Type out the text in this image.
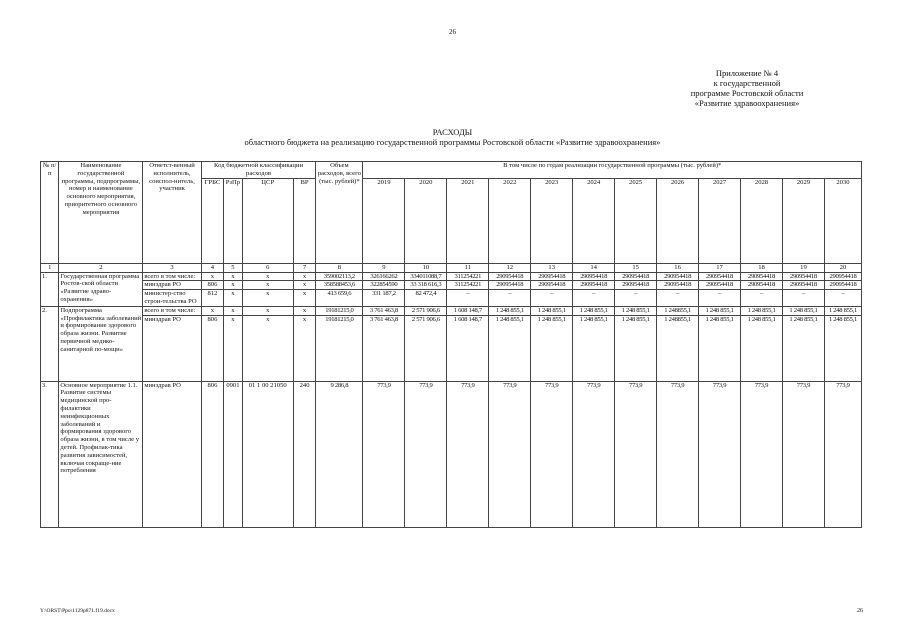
26
Приложение № 4
к государственной
программе Ростовской области
«Развитие здравоохранения»
РАСХОДЫ
областного бюджета на реализацию государственной программы Ростовской области «Развитие здравоохранения»
№ п/п	Наименование государственной программы, подпрограммы, номер и наименование основного мероприятия, приоритетного основного мероприятия	Ответст-венный исполнитель, соиспол-нитель, участник	Код бюджетной классификации расходов				Объем расходов, всего (тыс. рублей)*	В том числе по годам реализации государственной программы (тыс. рублей)*											
			ГРБС	РзПр	ЦСР	ВР		2019	2020	2021	2022	2023	2024	2025	2026	2027	2028	2029	2030
1	2	3	4	5	6	7	8	9	10	11	12	13	14	15	16	17	18	19	20
1.	Государственная программа Ростов-ской области «Развитие здраво-охранения»	всего в том числе:	x	x	x	x	359002113,2	326166262	334011088,7	311254221	290954418	290954418	290954418	290954418	290954418	290954418	290954418	290954418	290954418
		минздрав РО	806	x	x	x	358588453,6	322854590	33 318 616,3	311254221	290954418	290954418	290954418	290954418	290954418	290954418	290954418	290954418	290954418
		министер-ство строи-тельства РО	812	x	x	x	413 659,6	331 187,2	82 472,4	–	–	–	–	–	–	–	–	–	–
2.	Подпрограмма «Профилактика заболеваний и формирование здорового образа жизни. Развитие первичной медико-санитарной по-мощи»	всего в том числе:	x	x	x	x	19181215,0	3 761 463,8	2 571 906,6	1 608 148,7	1 248 855,1	1 248 855,1	1 248 855,1	1 248 855,1	1 248855,1	1 248 855,1	1 248 855,1	1 248 855,1	1 248 855,1
		минздрав РО	806	x	x	x	19181215,0	3 761 463,8	2 571 906,6	1 608 148,7	1 248 855,1	1 248 855,1	1 248 855,1	1 248 855,1	1 248855,1	1 248 855,1	1 248 855,1	1 248 855,1	1 248 855,1
3.	Основное мероприятие 1.1. Развитие системы медицинской про-филактики неинфекционных заболеваний и формирования здорового образа жизни, в том числе у детей. Профилак-тика развития зависимостей, включая сокраще-ние потребления	минздрав РО	806	0901	01 1 00 21050	240	9 286,8	773,9	773,9	773,9	773,9	773,9	773,9	773,9	773,9	773,9	773,9	773,9	773,9
Y:\ORST\Ppo\1129p871.f19.docx	26
